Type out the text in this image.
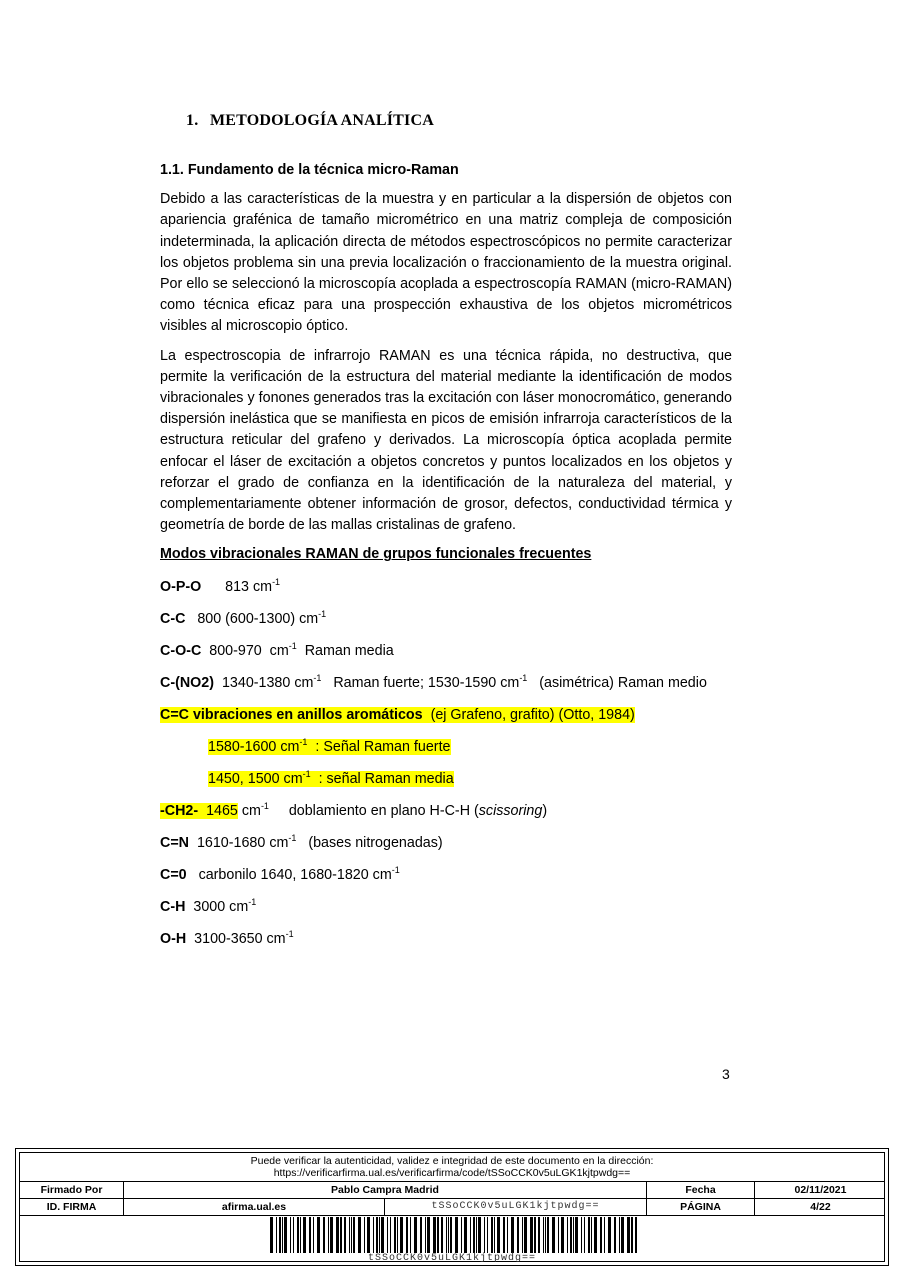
1. METODOLOGÍA ANALÍTICA
1.1. Fundamento de la técnica micro-Raman

Debido a las características de la muestra y en particular a la dispersión de objetos con apariencia grafénica de tamaño micrométrico en una matriz compleja de composición indeterminada, la aplicación directa de métodos espectroscópicos no permite caracterizar los objetos problema sin una previa localización o fraccionamiento de la muestra original. Por ello se seleccionó la microscopía acoplada a espectroscopía RAMAN (micro-RAMAN) como técnica eficaz para una prospección exhaustiva de los objetos micrométricos visibles al microscopio óptico.

La espectroscopia de infrarrojo RAMAN es una técnica rápida, no destructiva, que permite la verificación de la estructura del material mediante la identificación de modos vibracionales y fonones generados tras la excitación con láser monocromático, generando dispersión inelástica que se manifiesta en picos de emisión infrarroja característicos de la estructura reticular del grafeno y derivados. La microscopía óptica acoplada permite enfocar el láser de excitación a objetos concretos y puntos localizados en los objetos y reforzar el grado de confianza en la identificación de la naturaleza del material, y complementariamente obtener información de grosor, defectos, conductividad térmica y geometría de borde de las mallas cristalinas de grafeno.

Modos vibracionales RAMAN de grupos funcionales frecuentes
O-P-O 813 $cm^{-1}$
C-C 800 (600-1300) $cm^{-1}$
C-O-C 800-970 $cm^{-1}$ Raman media
C-(NO2) 1340-1380 $cm^{-1}$ Raman fuerte; 1530-1590 $cm^{-1}$ (asimétrica) Raman medio
C=C vibraciones en anillos aromáticos (ej Grafeno, grafito) (Otto, 1984)
1580-1600 $cm^{-1}$ : Señal Raman fuerte
1450, 1500 $cm^{-1}$ : señal Raman media
-CH2- 1465 $cm^{-1}$ doblamiento en plano H-C-H (scissoring)
C=N 1610-1680 $cm^{-1}$ (bases nitrogenadas)
C=0 carbonilo 1640, 1680-1820 $cm^{-1}$
C-H 3000 $cm^{-1}$
O-H 3100-3650 $cm^{-1}$
3
Puede verificar la autenticidad, validez e integridad de este documento en la dirección:
https://verificarfirma.ual.es/verificarfirma/code/tSSoCCK0v5uLGK1kjtpwdg==
Firmado Por	Pablo Campra Madrid	Fecha	02/11/2021
ID. FIRMA	afirma.ual.es	tSSoCCK0v5uLGK1kjtpwdg==	PÁGINA	4/22
tSSoCCK0v5uLGK1kjtpwdg==
